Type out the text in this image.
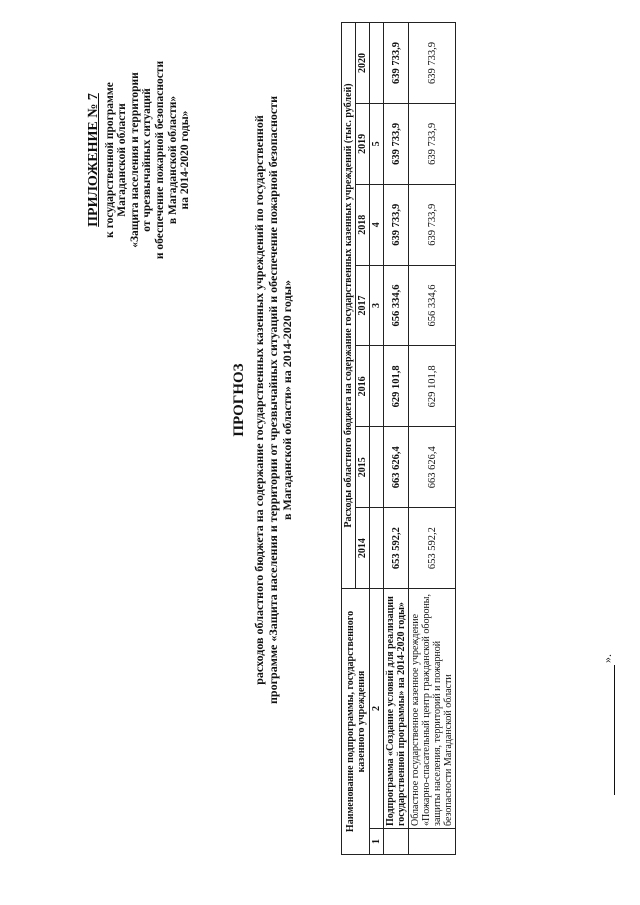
ПРИЛОЖЕНИЕ № 7 к государственной программе Магаданской области «Защита населения и территории от чрезвычайных ситуаций и обеспечение пожарной безопасности в Магаданской области» на 2014-2020 годы»
ПРОГНОЗ расходов областного бюджета на содержание государственных казенных учреждений по государственной программе «Защита населения и территории от чрезвычайных ситуаций и обеспечение пожарной безопасности в Магаданской области» на 2014-2020 годы»
Наименование подпрограммы, государственного казенного учреждения		Расходы областного бюджета на содержание государственных казенных учреждений (тыс. рублей)						
		2014	2015	2016	2017	2018	2019	2020
1	2				3	4	5	
	Подпрограмма «Создание условий для реализации государственной программы» на 2014-2020 годы»	653 592,2	663 626,4	629 101,8	656 334,6	639 733,9	639 733,9	639 733,9
	Областное государственное казенное учреждение «Пожарно-спасательный центр гражданской обороны, защиты населения, территорий и пожарной безопасности Магаданской области	653 592,2	663 626,4	629 101,8	656 334,6	639 733,9	639 733,9	639 733,9
».
